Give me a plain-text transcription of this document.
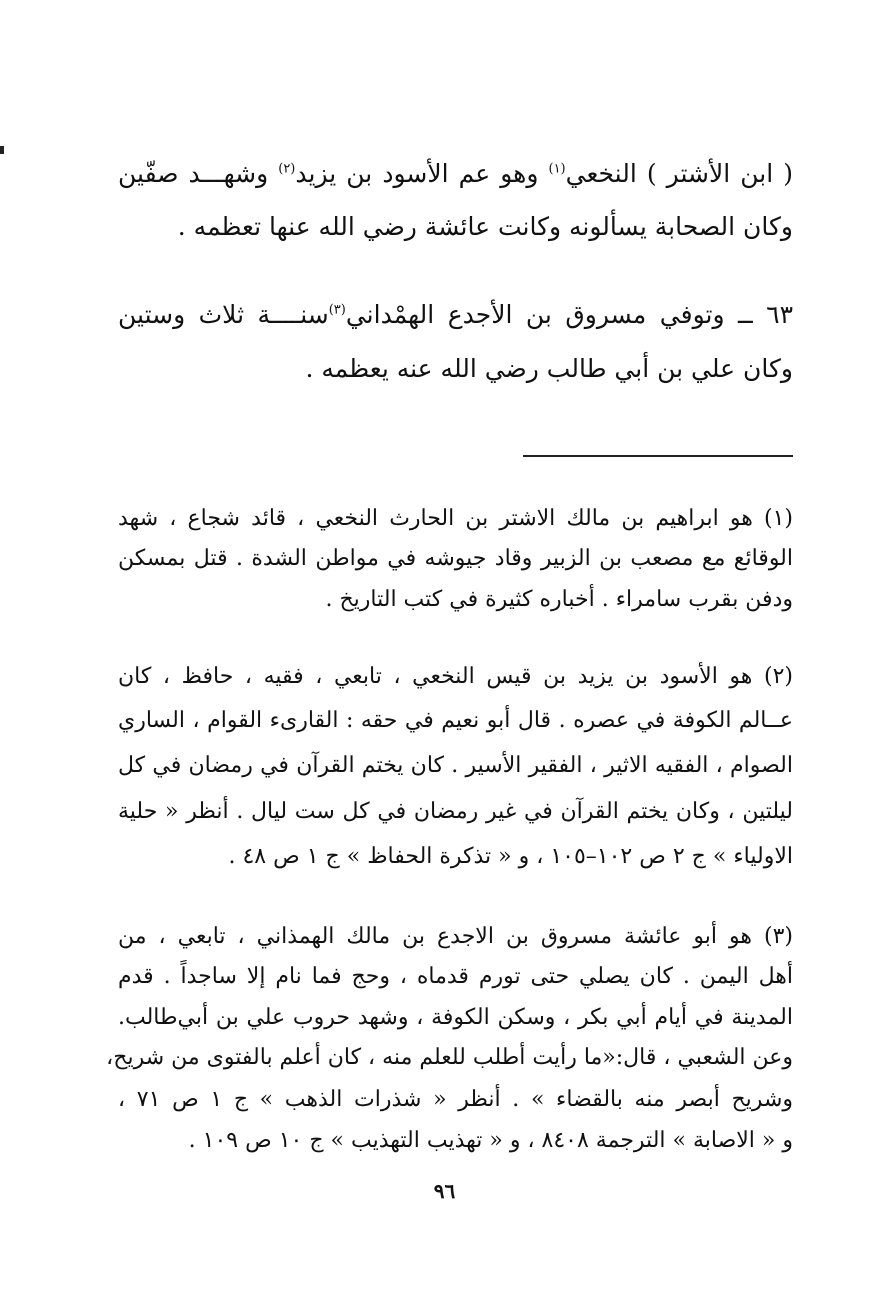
( ابن الأشتر ) النخعي$^{(١)}$ وهو عم الأسود بن يزيد$^{(٢)}$ وشهـــد صفّين
وكان الصحابة يسألونه وكانت عائشة رضي الله عنها تعظمه .
٦٣ ــ وتوفي مسروق بن الأجدع الهمْداني$^{(٣)}$سنــــة ثلاث وستين
وكان علي بن أبي طالب رضي الله عنه يعظمه .
(١) هو ابراهيم بن مالك الاشتر بن الحارث النخعي ، قائد شجاع ، شهد
الوقائع مع مصعب بن الزبير وقاد جيوشه في مواطن الشدة . قتل بمسكن
ودفن بقرب سامراء . أخباره كثيرة في كتب التاريخ .
(٢) هو الأسود بن يزيد بن قيس النخعي ، تابعي ، فقيه ، حافظ ، كان
عــالم الكوفة في عصره . قال أبو نعيم في حقه : القارىء القوام ، الساري
الصوام ، الفقيه الاثير ، الفقير الأسير . كان يختم القرآن في رمضان في كل
ليلتين ، وكان يختم القرآن في غير رمضان في كل ست ليال . أنظر « حلية
الاولياء » ج ٢ ص ١٠٢–١٠٥ ، و « تذكرة الحفاظ » ج ١ ص ٤٨ .
(٣) هو أبو عائشة مسروق بن الاجدع بن مالك الهمذاني ، تابعي ، من
أهل اليمن . كان يصلي حتى تورم قدماه ، وحج فما نام إلا ساجداً . قدم
المدينة في أيام أبي بكر ، وسكن الكوفة ، وشهد حروب علي بن أبي‌طالب.
وعن الشعبي ، قال:«ما رأيت أطلب للعلم منه ، كان أعلم بالفتوى من شريح،
وشريح أبصر منه بالقضاء » . أنظر « شذرات الذهب » ج ١ ص ٧١ ،
و « الاصابة » الترجمة ٨٤٠٨ ، و « تهذيب التهذيب » ج ١٠ ص ١٠٩ .
٩٦
